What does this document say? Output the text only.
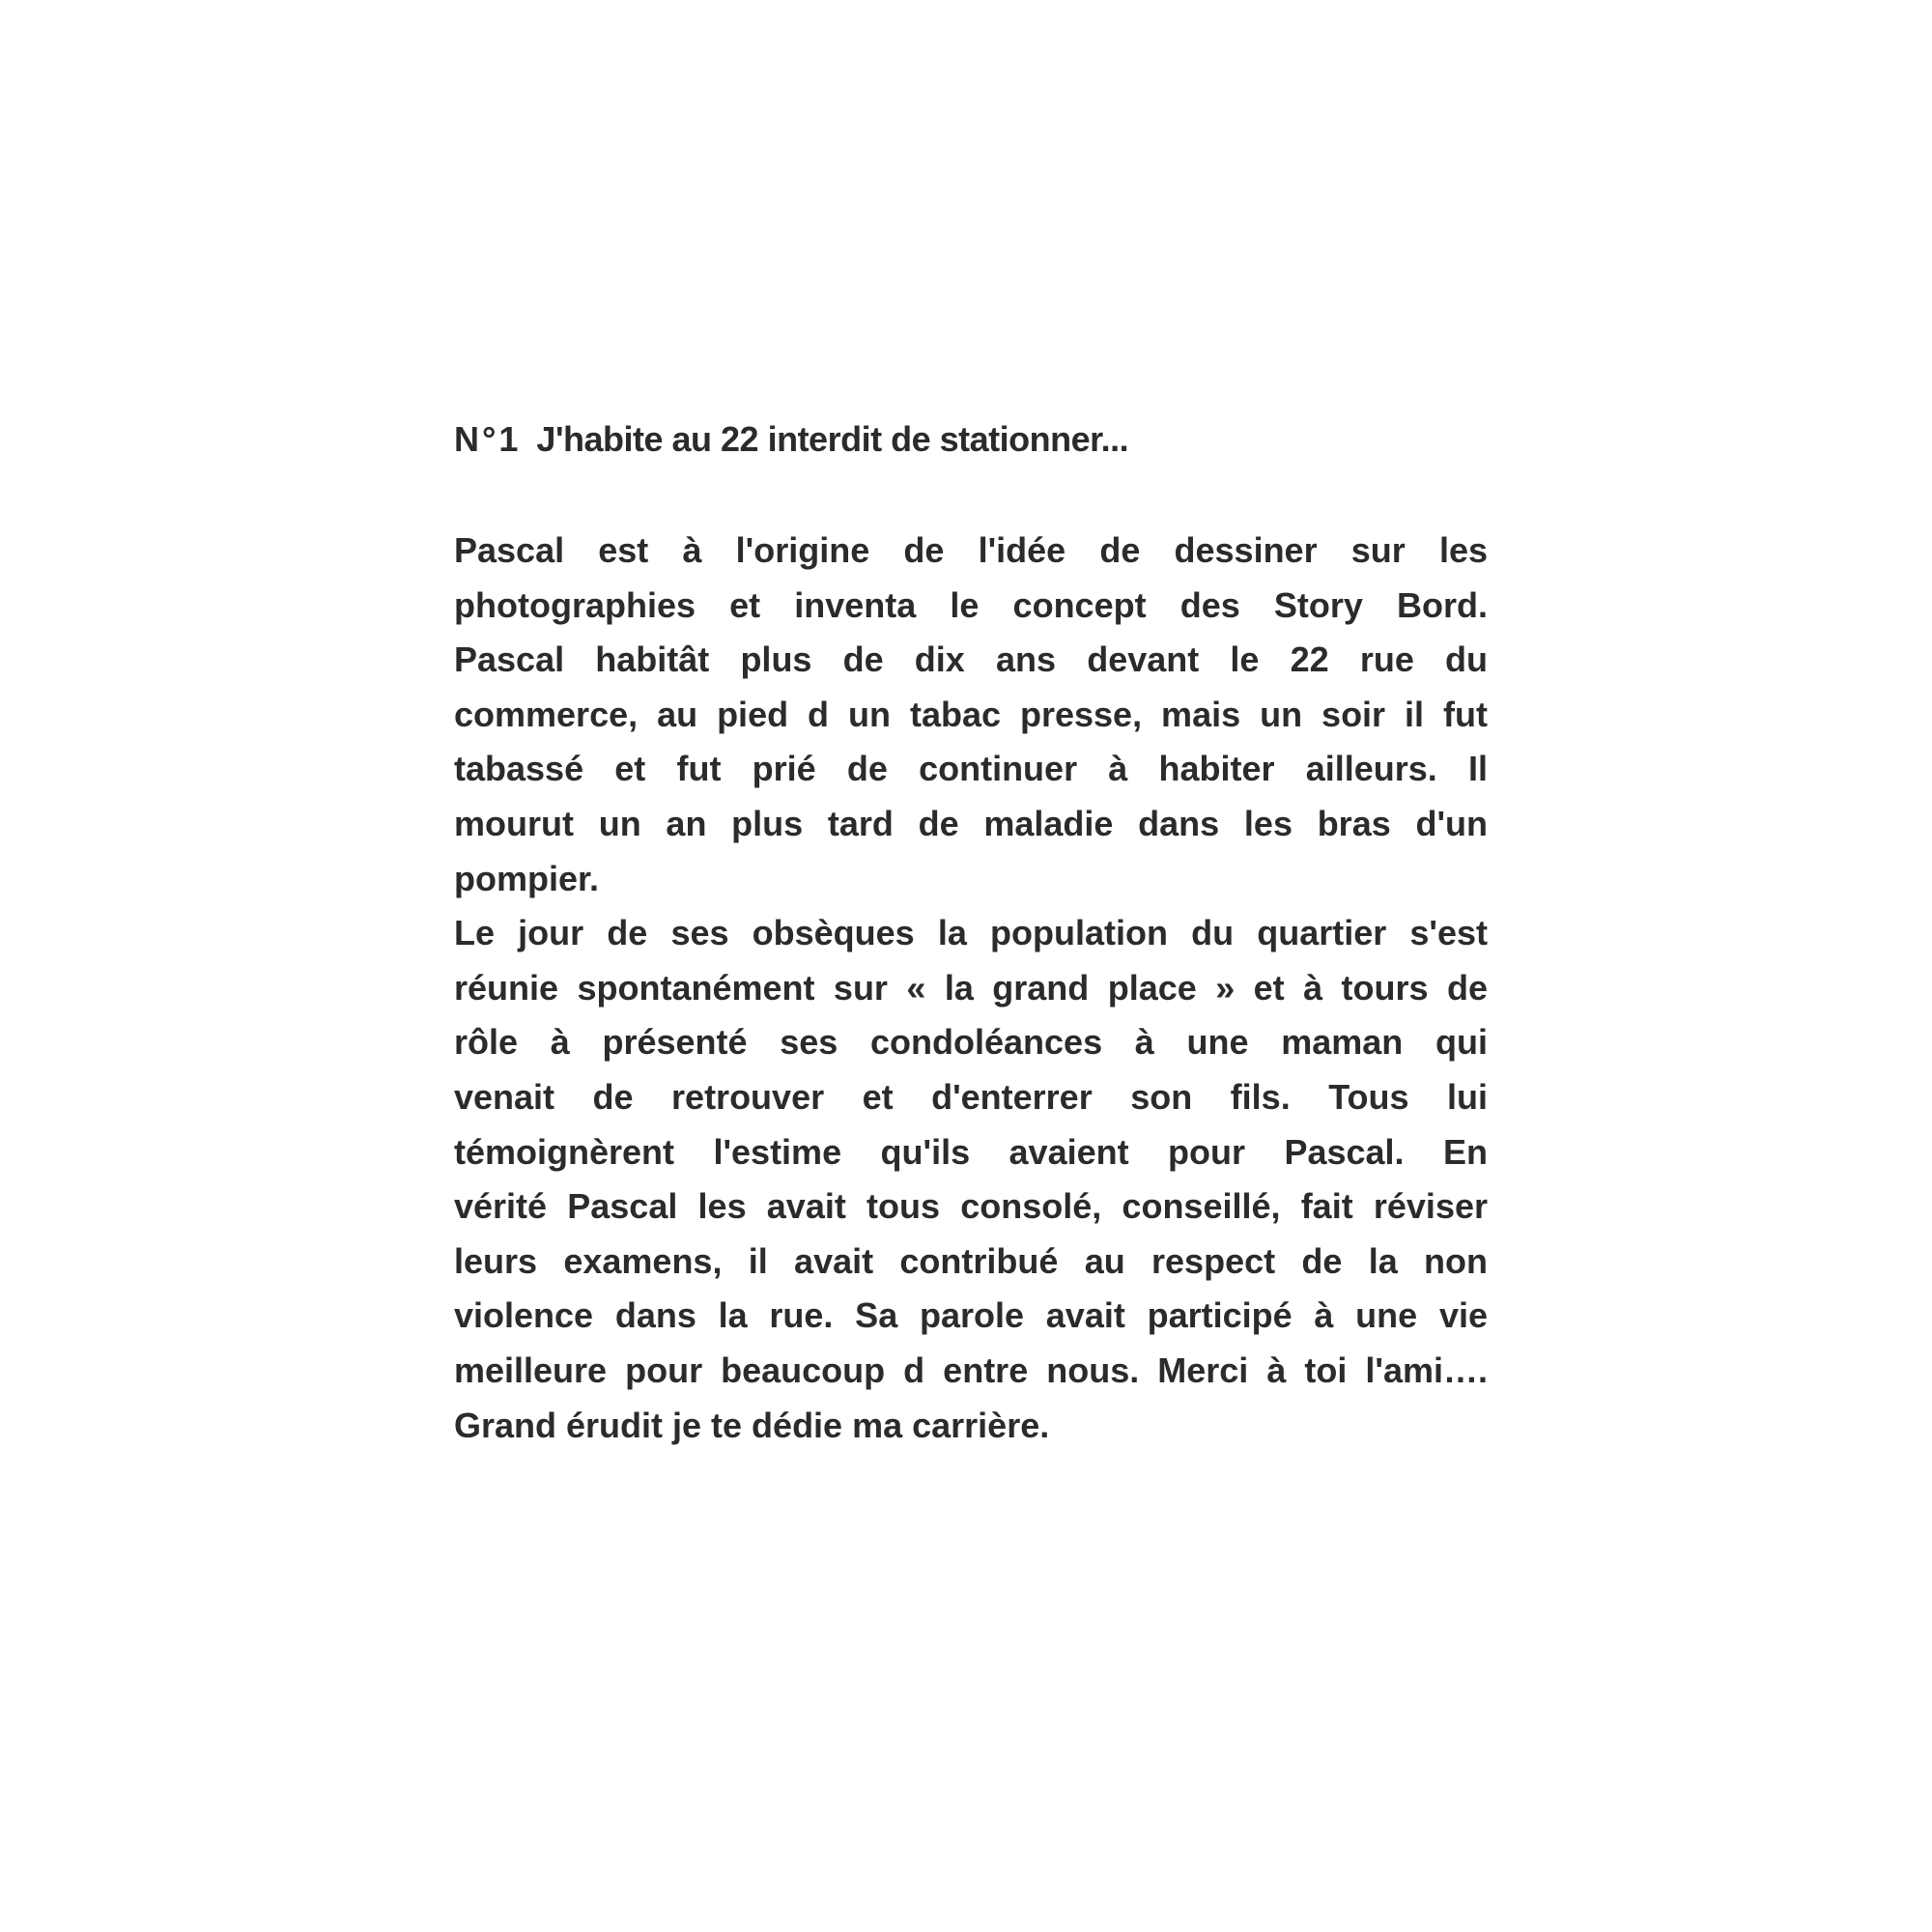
N°1 J'habite au 22 interdit de stationner...

Pascal est à l'origine de l'idée de dessiner sur les
photographies et inventa le concept des Story Bord.
Pascal habitât plus de dix ans devant le 22 rue du
commerce, au pied d un tabac presse, mais un soir il fut
tabassé et fut prié de continuer à habiter ailleurs. Il
mourut un an plus tard de maladie dans les bras d'un
pompier.
Le jour de ses obsèques la population du quartier s'est
réunie spontanément sur « la grand place » et à tours de
rôle à présenté ses condoléances à une maman qui
venait de retrouver et d'enterrer son fils. Tous lui
témoignèrent l'estime qu'ils avaient pour Pascal. En
vérité Pascal les avait tous consolé, conseillé, fait réviser
leurs examens, il avait contribué au respect de la non
violence dans la rue. Sa parole avait participé à une vie
meilleure pour beaucoup d entre nous. Merci à toi l'ami….
Grand érudit je te dédie ma carrière.
